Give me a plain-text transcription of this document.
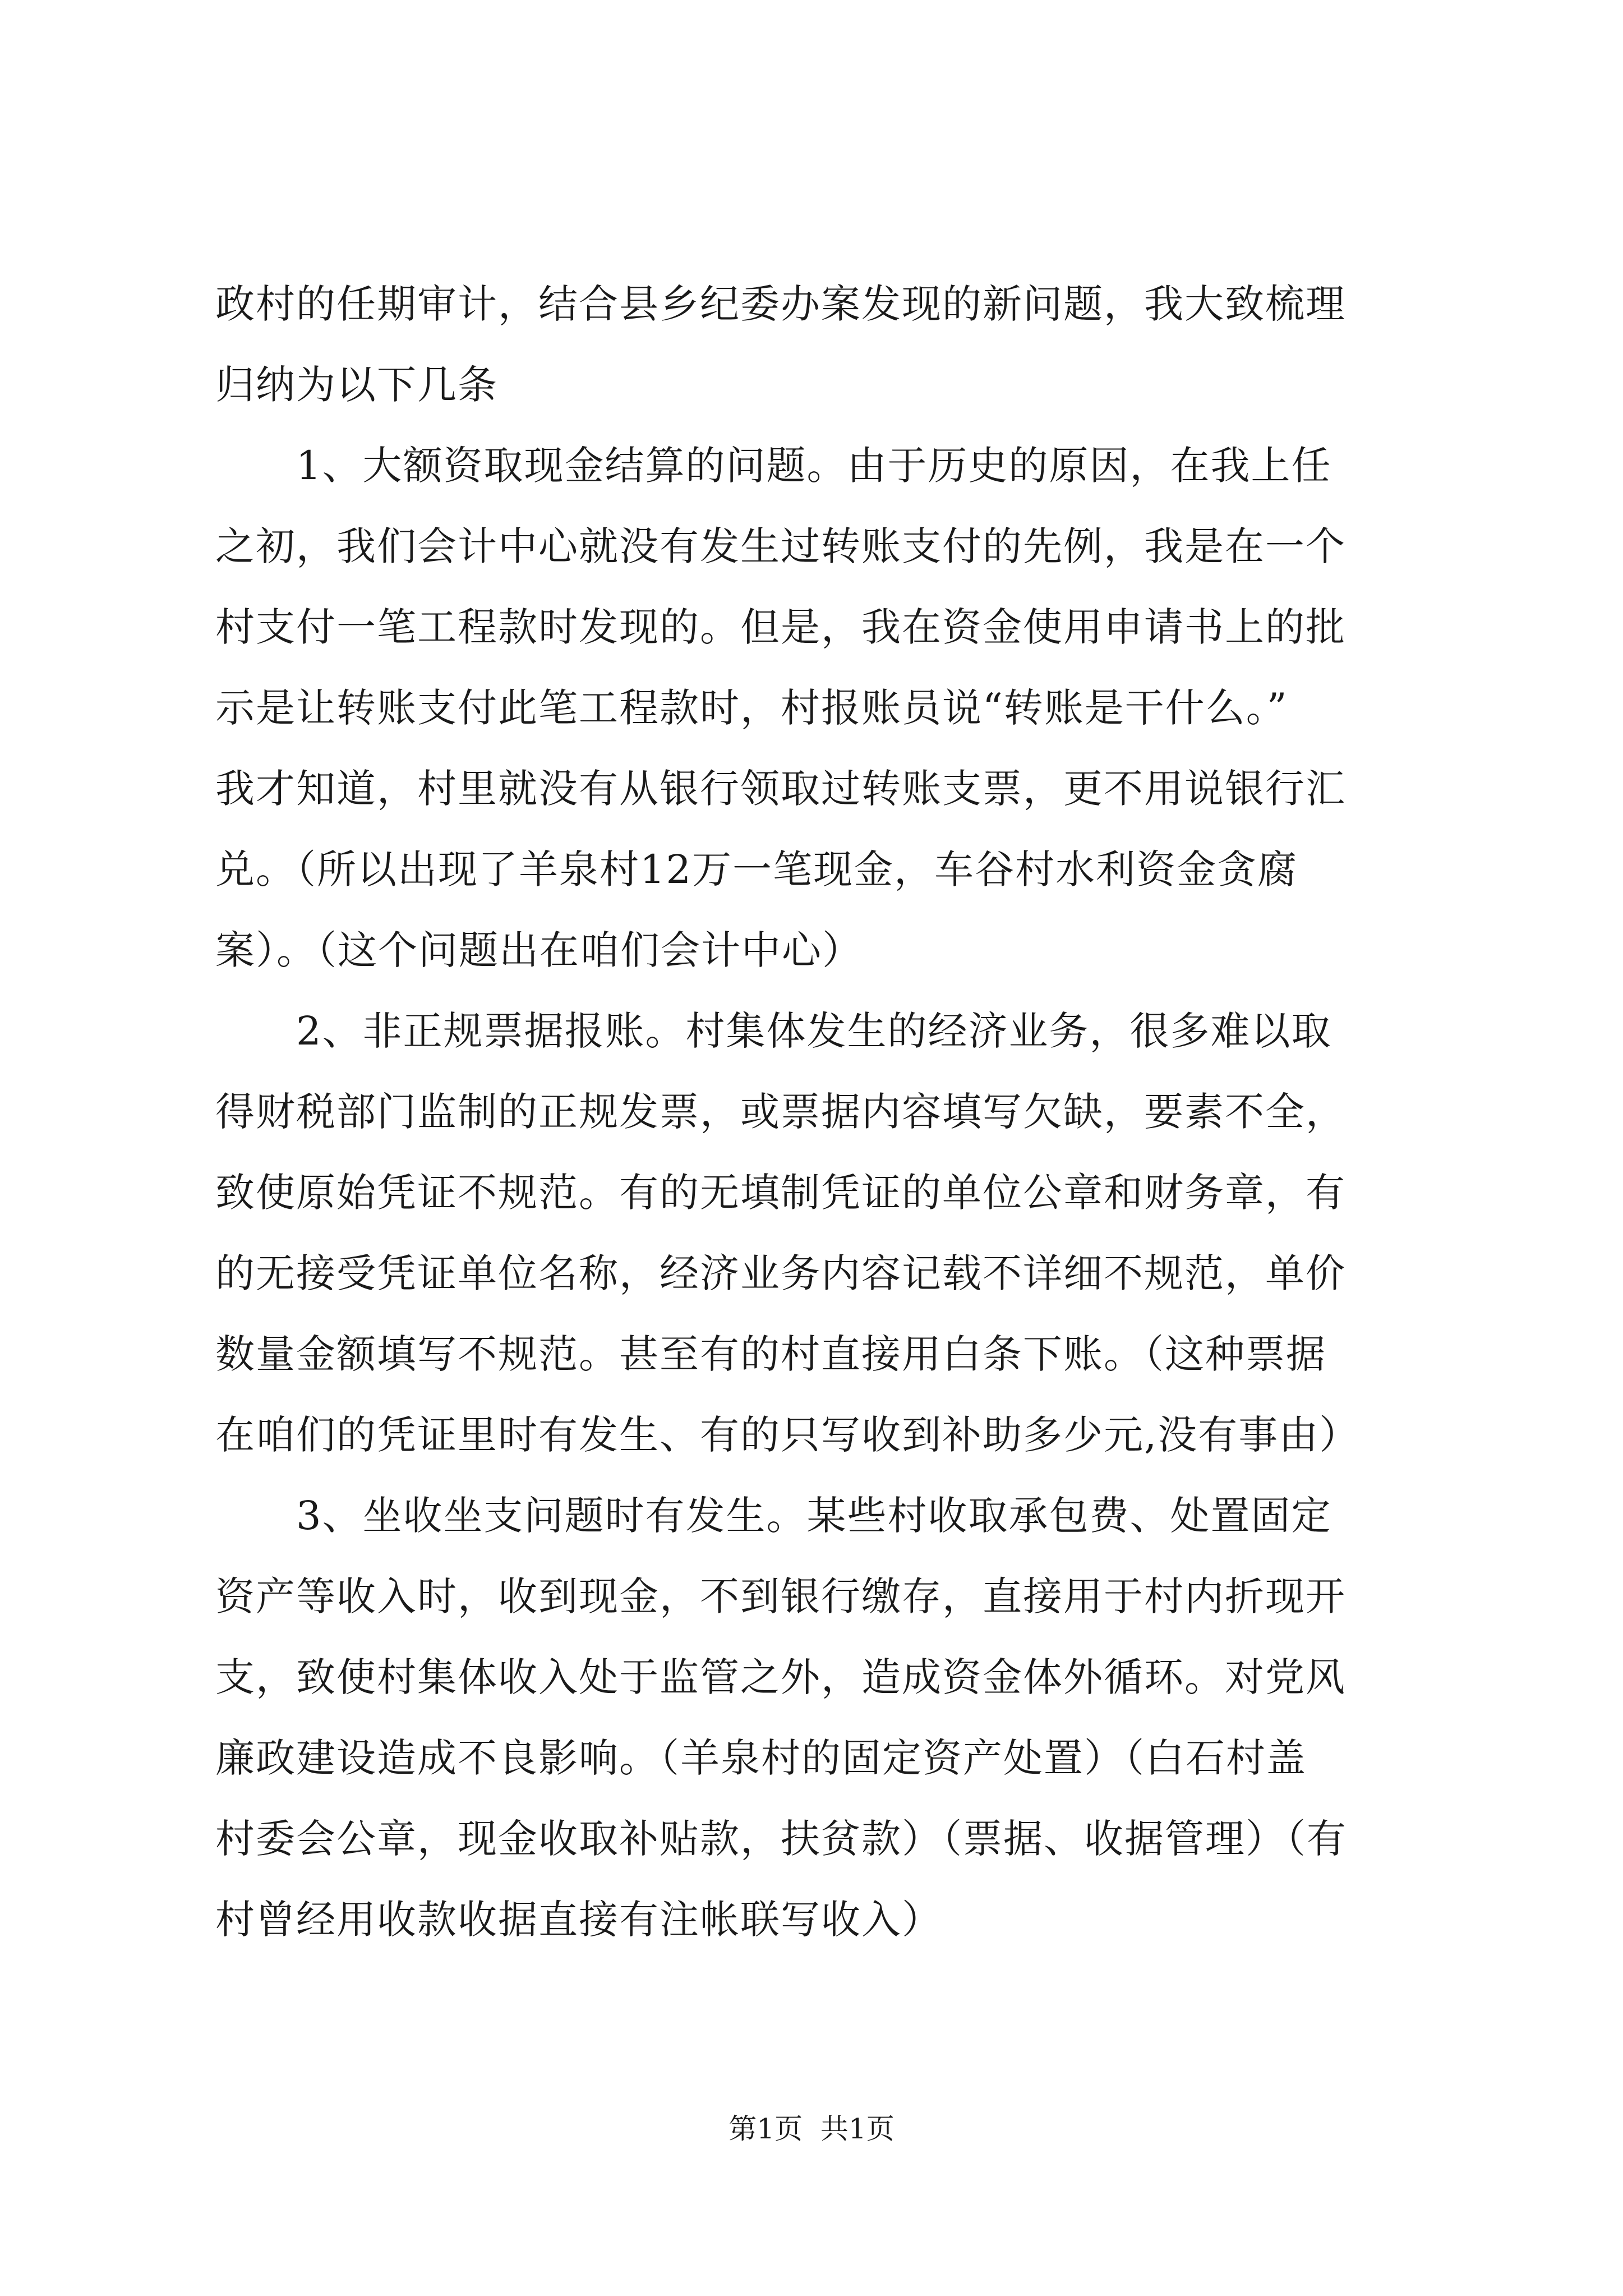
政村的任期审计，结合县乡纪委办案发现的新问题，我大致梳理
归纳为以下几条
1、大额资取现金结算的问题。由于历史的原因，在我上任
之初，我们会计中心就没有发生过转账支付的先例，我是在一个
村支付一笔工程款时发现的。但是，我在资金使用申请书上的批
示是让转账支付此笔工程款时，村报账员说“转账是干什么。”
我才知道，村里就没有从银行领取过转账支票，更不用说银行汇
兑。（所以出现了羊泉村12万一笔现金，车谷村水利资金贪腐
案）。（这个问题出在咱们会计中心）
2、非正规票据报账。村集体发生的经济业务，很多难以取
得财税部门监制的正规发票，或票据内容填写欠缺，要素不全，
致使原始凭证不规范。有的无填制凭证的单位公章和财务章，有
的无接受凭证单位名称，经济业务内容记载不详细不规范，单价
数量金额填写不规范。甚至有的村直接用白条下账。（这种票据
在咱们的凭证里时有发生、有的只写收到补助多少元,没有事由）
3、坐收坐支问题时有发生。某些村收取承包费、处置固定
资产等收入时，收到现金，不到银行缴存，直接用于村内折现开
支，致使村集体收入处于监管之外，造成资金体外循环。对党风
廉政建设造成不良影响。（羊泉村的固定资产处置）（白石村盖
村委会公章，现金收取补贴款，扶贫款）（票据、收据管理）（有
村曾经用收款收据直接有注帐联写收入）
第1页  共1页
